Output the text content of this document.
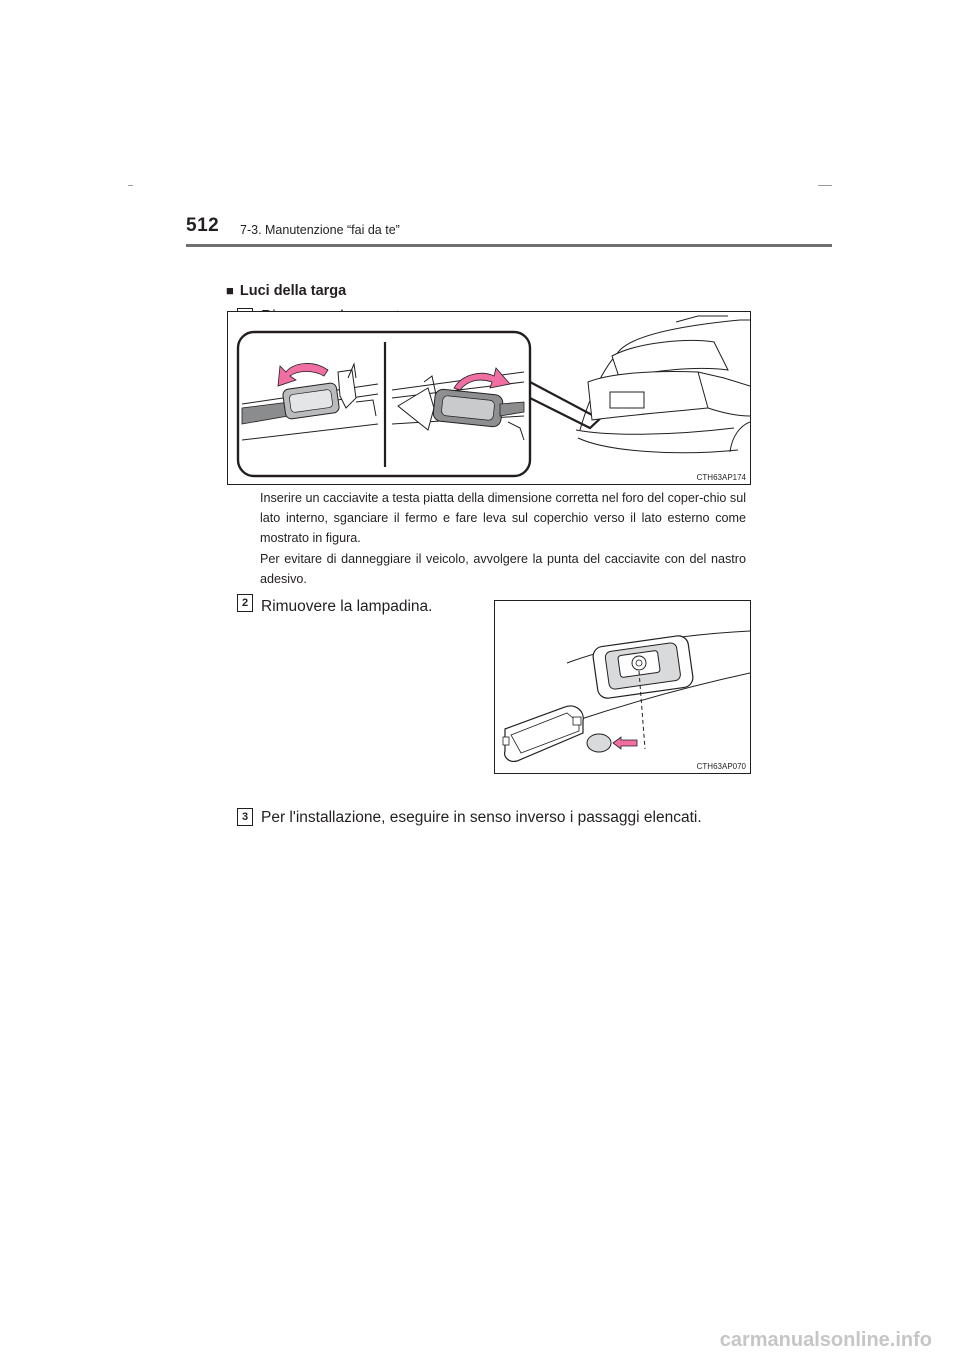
512 7-3. Manutenzione “fai da te”
■ Luci della targa
CTH63AP174
Inserire un cacciavite a testa piatta della dimensione corretta nel foro del coper-chio sul lato interno, sganciare il fermo e fare leva sul coperchio verso il lato esterno come mostrato in figura.
Per evitare di danneggiare il veicolo, avvolgere la punta del cacciavite con del nastro adesivo.
2 Rimuovere la lampadina.
CTH63AP070
3 Per l'installazione, eseguire in senso inverso i passaggi elencati.
carmanualsonline.info
